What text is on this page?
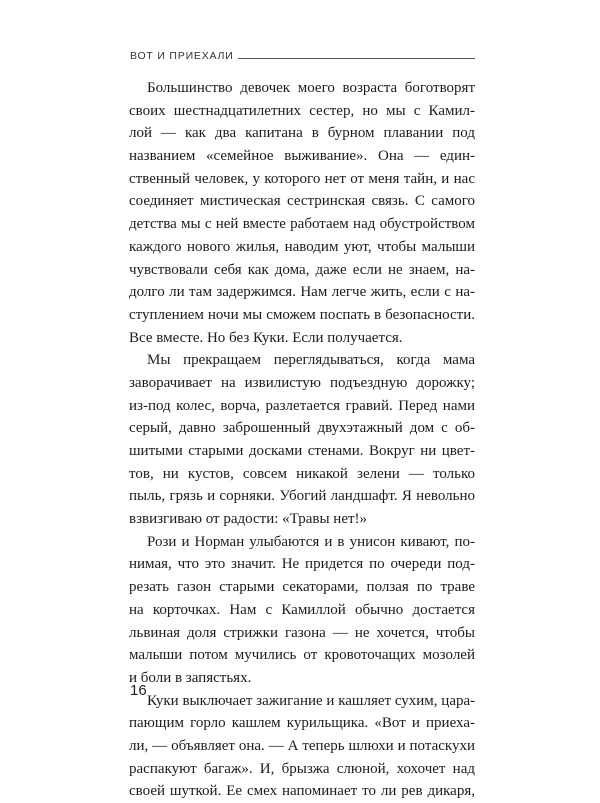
ВОТ И ПРИЕХАЛИ
Большинство девочек моего возраста боготворят
своих шестнадцатилетних сестер, но мы с Камил-
лой — как два капитана в бурном плавании под
названием «семейное выживание». Она — един-
ственный человек, у которого нет от меня тайн, и нас
соединяет мистическая сестринская связь. С самого
детства мы с ней вместе работаем над обустройством
каждого нового жилья, наводим уют, чтобы малыши
чувствовали себя как дома, даже если не знаем, на-
долго ли там задержимся. Нам легче жить, если с на-
ступлением ночи мы сможем поспать в безопасности.
Все вместе. Но без Куки. Если получается.
Мы прекращаем переглядываться, когда мама
заворачивает на извилистую подъездную дорожку;
из-под колес, ворча, разлетается гравий. Перед нами
серый, давно заброшенный двухэтажный дом с об-
шитыми старыми досками стенами. Вокруг ни цвет-
тов, ни кустов, совсем никакой зелени — только
пыль, грязь и сорняки. Убогий ландшафт. Я невольно
взвизгиваю от радости: «Травы нет!»
Рози и Норман улыбаются и в унисон кивают, по-
нимая, что это значит. Не придется по очереди под-
резать газон старыми секаторами, ползая по траве
на корточках. Нам с Камиллой обычно достается
львиная доля стрижки газона — не хочется, чтобы
малыши потом мучились от кровоточащих мозолей
и боли в запястьях.
Куки выключает зажигание и кашляет сухим, цара-
пающим горло кашлем курильщика. «Вот и приеха-
ли, — объявляет она. — А теперь шлюхи и потаскухи
распакуют багаж». И, брызжа слюной, хохочет над
своей шуткой. Ее смех напоминает то ли рев дикаря,
16
